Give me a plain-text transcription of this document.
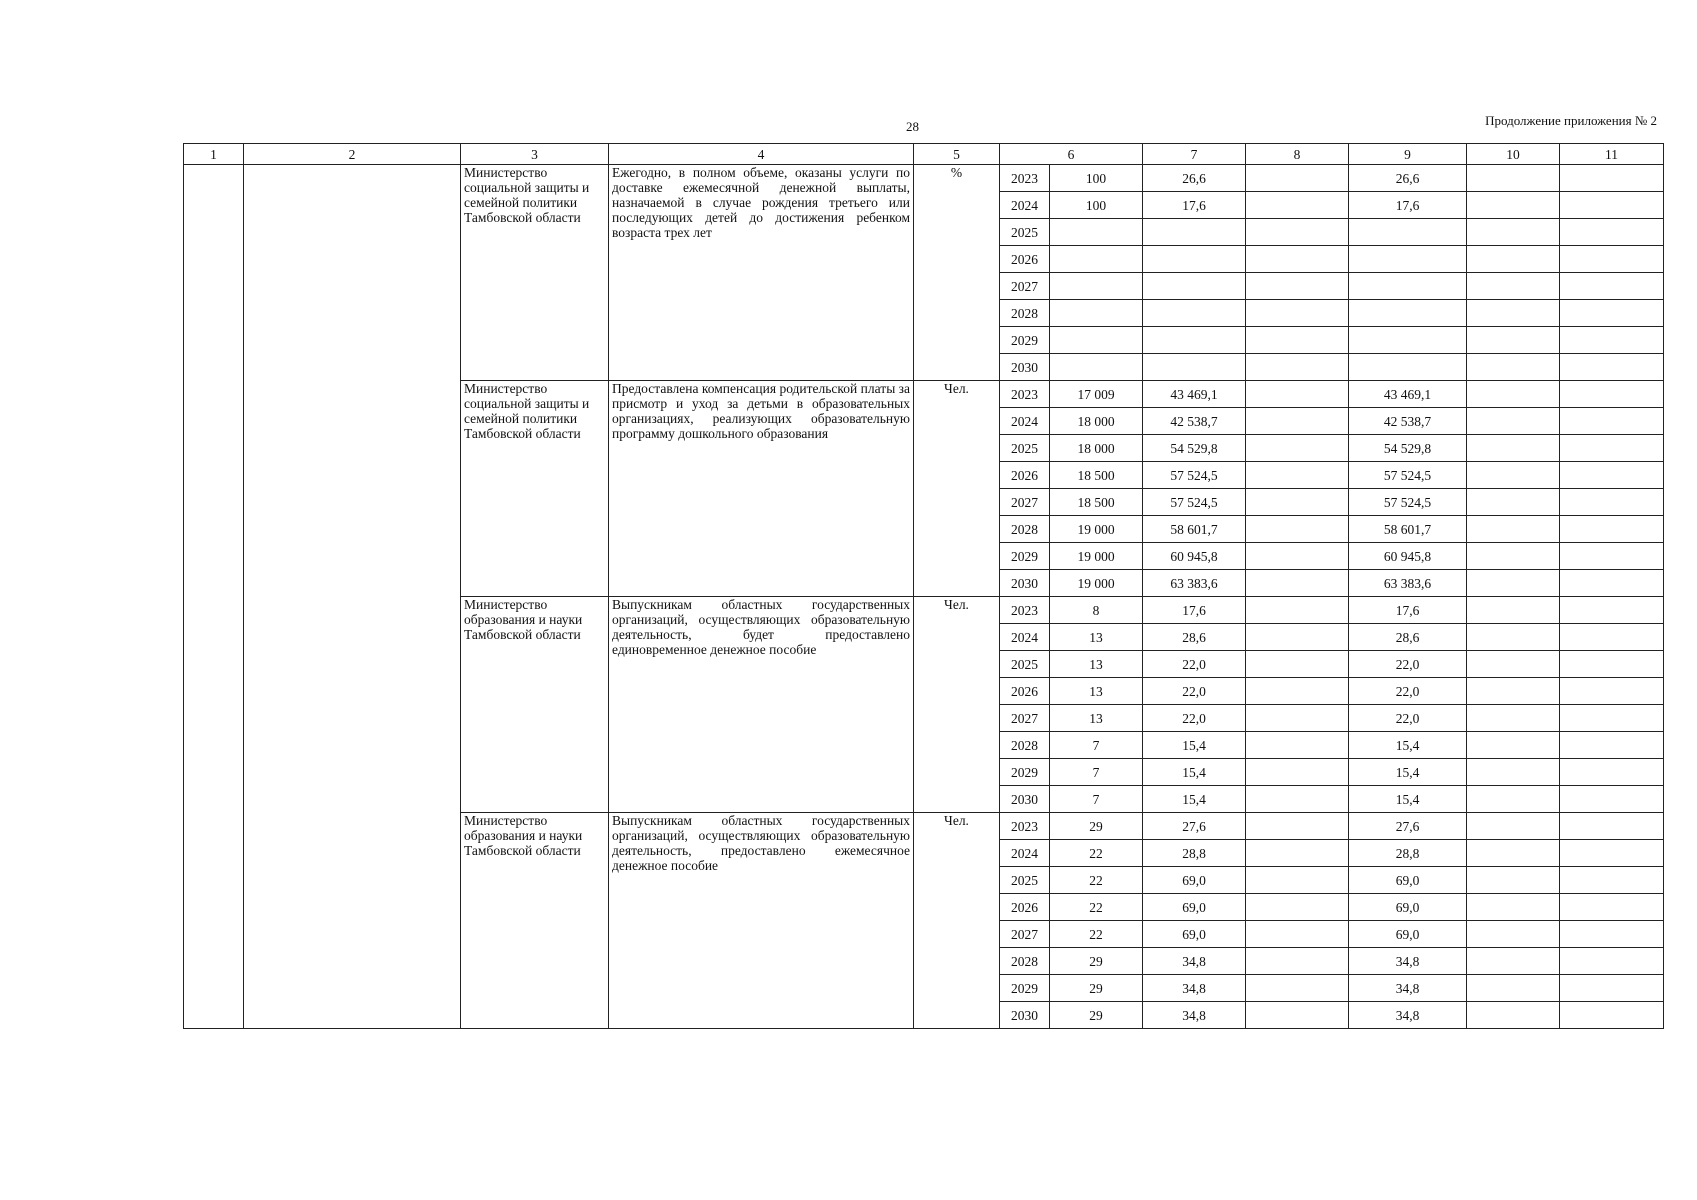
28	Продолжение приложения № 2
1	2	3	4	5	6		7	8	9	10	11
		Министерство социальной защиты и семейной политики Тамбовской области	Ежегодно, в полном объеме, оказаны услуги по доставке ежемесячной денежной выплаты, назначаемой в случае рождения третьего или последующих детей до достижения ребенком возраста трех лет	%	2023	100	26,6		26,6		
					2024	100	17,6		17,6		
					2025						
					2026						
					2027						
					2028						
					2029						
					2030						
		Министерство социальной защиты и семейной политики Тамбовской области	Предоставлена компенсация родительской платы за присмотр и уход за детьми в образовательных организациях, реализующих образовательную программу дошкольного образования	Чел.	2023	17 009	43 469,1		43 469,1		
					2024	18 000	42 538,7		42 538,7		
					2025	18 000	54 529,8		54 529,8		
					2026	18 500	57 524,5		57 524,5		
					2027	18 500	57 524,5		57 524,5		
					2028	19 000	58 601,7		58 601,7		
					2029	19 000	60 945,8		60 945,8		
					2030	19 000	63 383,6		63 383,6		
		Министерство образования и науки Тамбовской области	Выпускникам областных государственных организаций, осуществляющих образовательную деятельность, будет предоставлено единовременное денежное пособие	Чел.	2023	8	17,6		17,6		
					2024	13	28,6		28,6		
					2025	13	22,0		22,0		
					2026	13	22,0		22,0		
					2027	13	22,0		22,0		
					2028	7	15,4		15,4		
					2029	7	15,4		15,4		
					2030	7	15,4		15,4		
		Министерство образования и науки Тамбовской области	Выпускникам областных государственных организаций, осуществляющих образовательную деятельность, предоставлено ежемесячное денежное пособие	Чел.	2023	29	27,6		27,6		
					2024	22	28,8		28,8		
					2025	22	69,0		69,0		
					2026	22	69,0		69,0		
					2027	22	69,0		69,0		
					2028	29	34,8		34,8		
					2029	29	34,8		34,8		
					2030	29	34,8		34,8		
